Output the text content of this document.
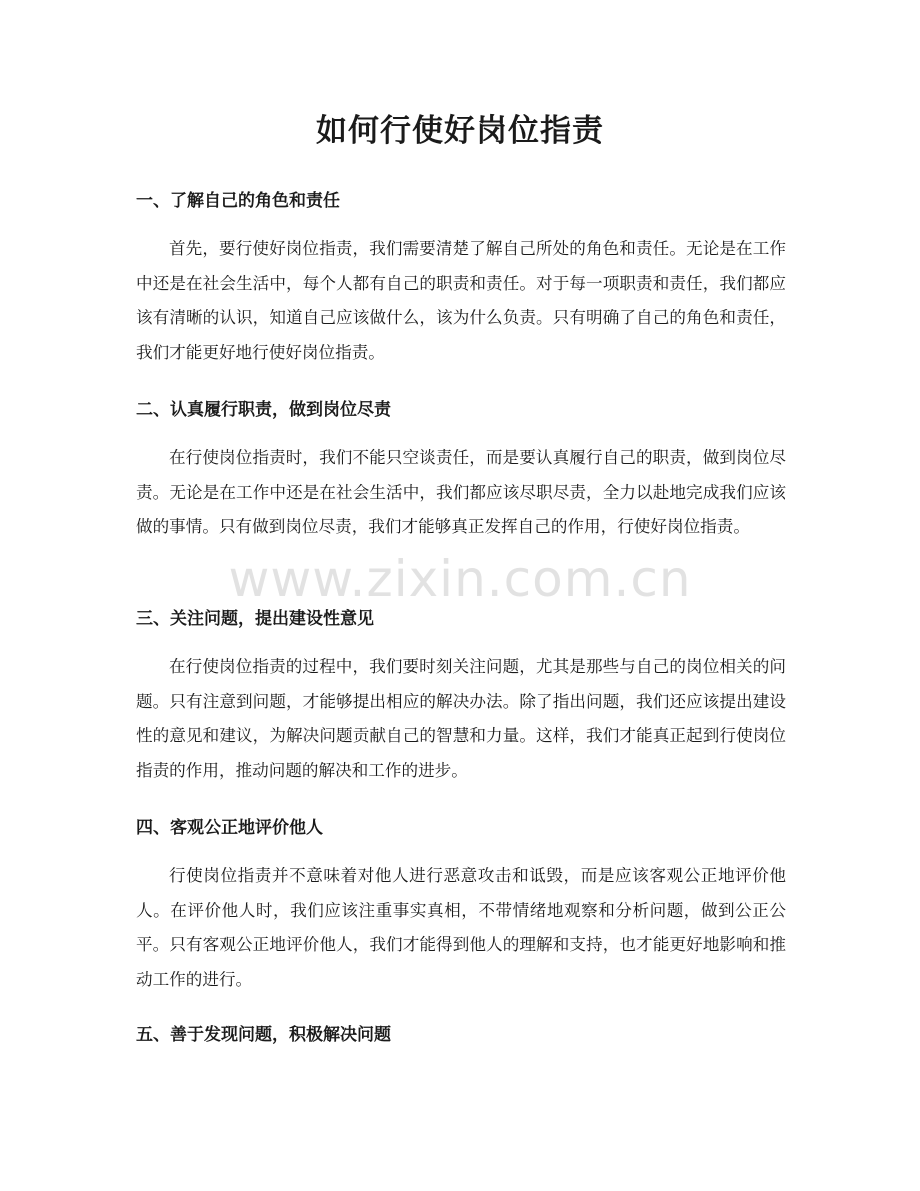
如何行使好岗位指责
一、了解自己的角色和责任

首先，要行使好岗位指责，我们需要清楚了解自己所处的角色和责任。无论是在工作中还是在社会生活中，每个人都有自己的职责和责任。对于每一项职责和责任，我们都应该有清晰的认识，知道自己应该做什么，该为什么负责。只有明确了自己的角色和责任，我们才能更好地行使好岗位指责。

二、认真履行职责，做到岗位尽责

在行使岗位指责时，我们不能只空谈责任，而是要认真履行自己的职责，做到岗位尽责。无论是在工作中还是在社会生活中，我们都应该尽职尽责，全力以赴地完成我们应该做的事情。只有做到岗位尽责，我们才能够真正发挥自己的作用，行使好岗位指责。

三、关注问题，提出建设性意见

在行使岗位指责的过程中，我们要时刻关注问题，尤其是那些与自己的岗位相关的问题。只有注意到问题，才能够提出相应的解决办法。除了指出问题，我们还应该提出建设性的意见和建议，为解决问题贡献自己的智慧和力量。这样，我们才能真正起到行使岗位指责的作用，推动问题的解决和工作的进步。

四、客观公正地评价他人

行使岗位指责并不意味着对他人进行恶意攻击和诋毁，而是应该客观公正地评价他人。在评价他人时，我们应该注重事实真相，不带情绪地观察和分析问题，做到公正公平。只有客观公正地评价他人，我们才能得到他人的理解和支持，也才能更好地影响和推动工作的进行。

五、善于发现问题，积极解决问题
www.zixin.com.cn
